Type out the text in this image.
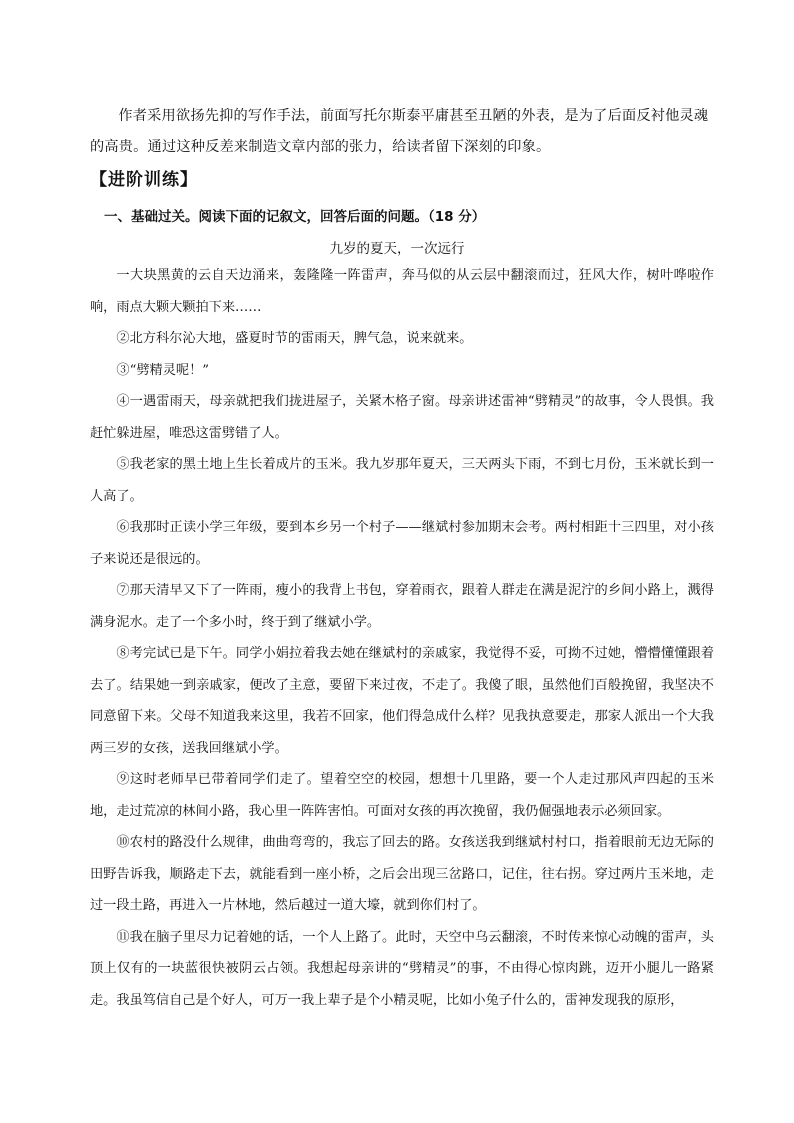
作者采用欲扬先抑的写作手法，前面写托尔斯泰平庸甚至丑陋的外表，是为了后面反衬他灵魂的高贵。通过这种反差来制造文章内部的张力，给读者留下深刻的印象。

【进阶训练】

一、基础过关。阅读下面的记叙文，回答后面的问题。（18 分）

九岁的夏天，一次远行

一大块黑黄的云自天边涌来，轰隆隆一阵雷声，奔马似的从云层中翻滚而过，狂风大作，树叶哗啦作响，雨点大颗大颗拍下来……

②北方科尔沁大地，盛夏时节的雷雨天，脾气急，说来就来。

③“劈精灵呢！”

④一遇雷雨天，母亲就把我们拢进屋子，关紧木格子窗。母亲讲述雷神“劈精灵”的故事，令人畏惧。我赶忙躲进屋，唯恐这雷劈错了人。

⑤我老家的黑土地上生长着成片的玉米。我九岁那年夏天，三天两头下雨，不到七月份，玉米就长到一人高了。

⑥我那时正读小学三年级，要到本乡另一个村子——继斌村参加期末会考。两村相距十三四里，对小孩子来说还是很远的。

⑦那天清早又下了一阵雨，瘦小的我背上书包，穿着雨衣，跟着人群走在满是泥泞的乡间小路上，溅得满身泥水。走了一个多小时，终于到了继斌小学。

⑧考完试已是下午。同学小娟拉着我去她在继斌村的亲戚家，我觉得不妥，可拗不过她，懵懵懂懂跟着去了。结果她一到亲戚家，便改了主意，要留下来过夜，不走了。我傻了眼，虽然他们百般挽留，我坚决不同意留下来。父母不知道我来这里，我若不回家，他们得急成什么样？见我执意要走，那家人派出一个大我两三岁的女孩，送我回继斌小学。

⑨这时老师早已带着同学们走了。望着空空的校园，想想十几里路，要一个人走过那风声四起的玉米地，走过荒凉的林间小路，我心里一阵阵害怕。可面对女孩的再次挽留，我仍倔强地表示必须回家。

⑩农村的路没什么规律，曲曲弯弯的，我忘了回去的路。女孩送我到继斌村村口，指着眼前无边无际的田野告诉我，顺路走下去，就能看到一座小桥，之后会出现三岔路口，记住，往右拐。穿过两片玉米地，走过一段土路，再进入一片林地，然后越过一道大壕，就到你们村了。

⑪我在脑子里尽力记着她的话，一个人上路了。此时，天空中乌云翻滚，不时传来惊心动魄的雷声，头顶上仅有的一块蓝很快被阴云占领。我想起母亲讲的“劈精灵”的事，不由得心惊肉跳，迈开小腿儿一路紧走。我虽笃信自己是个好人，可万一我上辈子是个小精灵呢，比如小兔子什么的，雷神发现我的原形，
